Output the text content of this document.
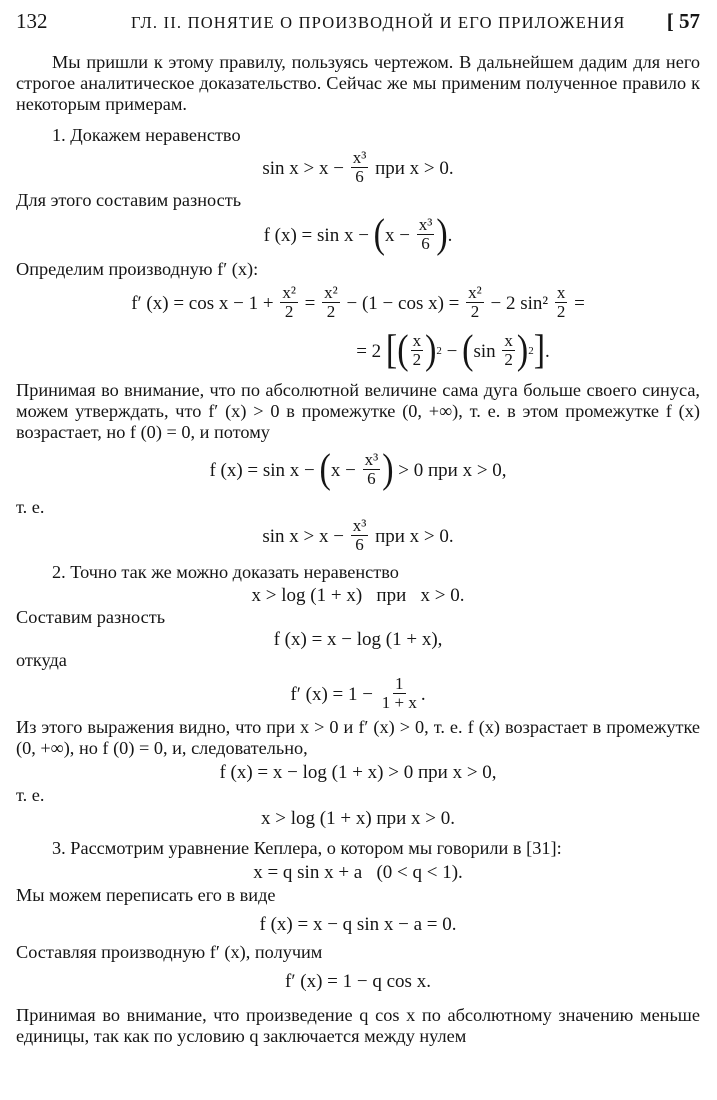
132	ГЛ. II. ПОНЯТИЕ О ПРОИЗВОДНОЙ И ЕГО ПРИЛОЖЕНИЯ [ 57

Мы пришли к этому правилу, пользуясь чертежом. В дальнейшем дадим для него строгое аналитическое доказательство. Сейчас же мы применим полученное правило к некоторым примерам.

1. Докажем неравенство

$\sin x > x - \frac{\text{x³}}{6}$ при x > 0.

Для этого составим разность

f (x) = sin x − ( $x - \frac{\text{x³}}{6}$ ) .

Определим производную f′ (x):

f′ $(x) = \cos x - 1 + \frac{\text{x²}}{2} = \frac{\text{x²}}{2} - (1 - \cos x) = \frac{\text{x²}}{2} - 2$ $\sin^2 \frac{x}{2}$ =
= 2 [ ( $\frac{x}{2}$ ) 2 − ( $\sin \frac{x}{2}$ ) 2 ] .

Принимая во внимание, что по абсолютной величине сама дуга больше своего синуса, можем утверждать, что f′ (x) > 0 в промежутке (0, +∞), т. е. в этом промежутке f (x) возрастает, но f (0) = 0, и потому

f (x) = sin x − ( $x - \frac{\text{x³}}{6}$ ) > 0 при x > 0,

т. е.

$\sin x > x - \frac{\text{x³}}{6}$ при x > 0.

2. Точно так же можно доказать неравенство

x > log (1 + x)   при   x > 0.

Составим разность

f (x) = x − log (1 + x),

откуда

f′ $(x) = 1 - \frac{1}{1 + x}$ .

Из этого выражения видно, что при x > 0 и f′ (x) > 0, т. е. f (x) возрастает в промежутке (0, +∞), но f (0) = 0, и, следовательно,

f (x) = x − log (1 + x) > 0 при x > 0,

т. е.

x > log (1 + x) при x > 0.

3. Рассмотрим уравнение Кеплера, о котором мы говорили в [31]:

x = q sin x + a   (0 < q < 1).

Мы можем переписать его в виде

f (x) = x − q sin x − a = 0.

Составляя производную f′ (x), получим

f′ (x) = 1 − q cos x.

Принимая во внимание, что произведение q cos x по абсолютному значению меньше единицы, так как по условию q заключается между нулем
